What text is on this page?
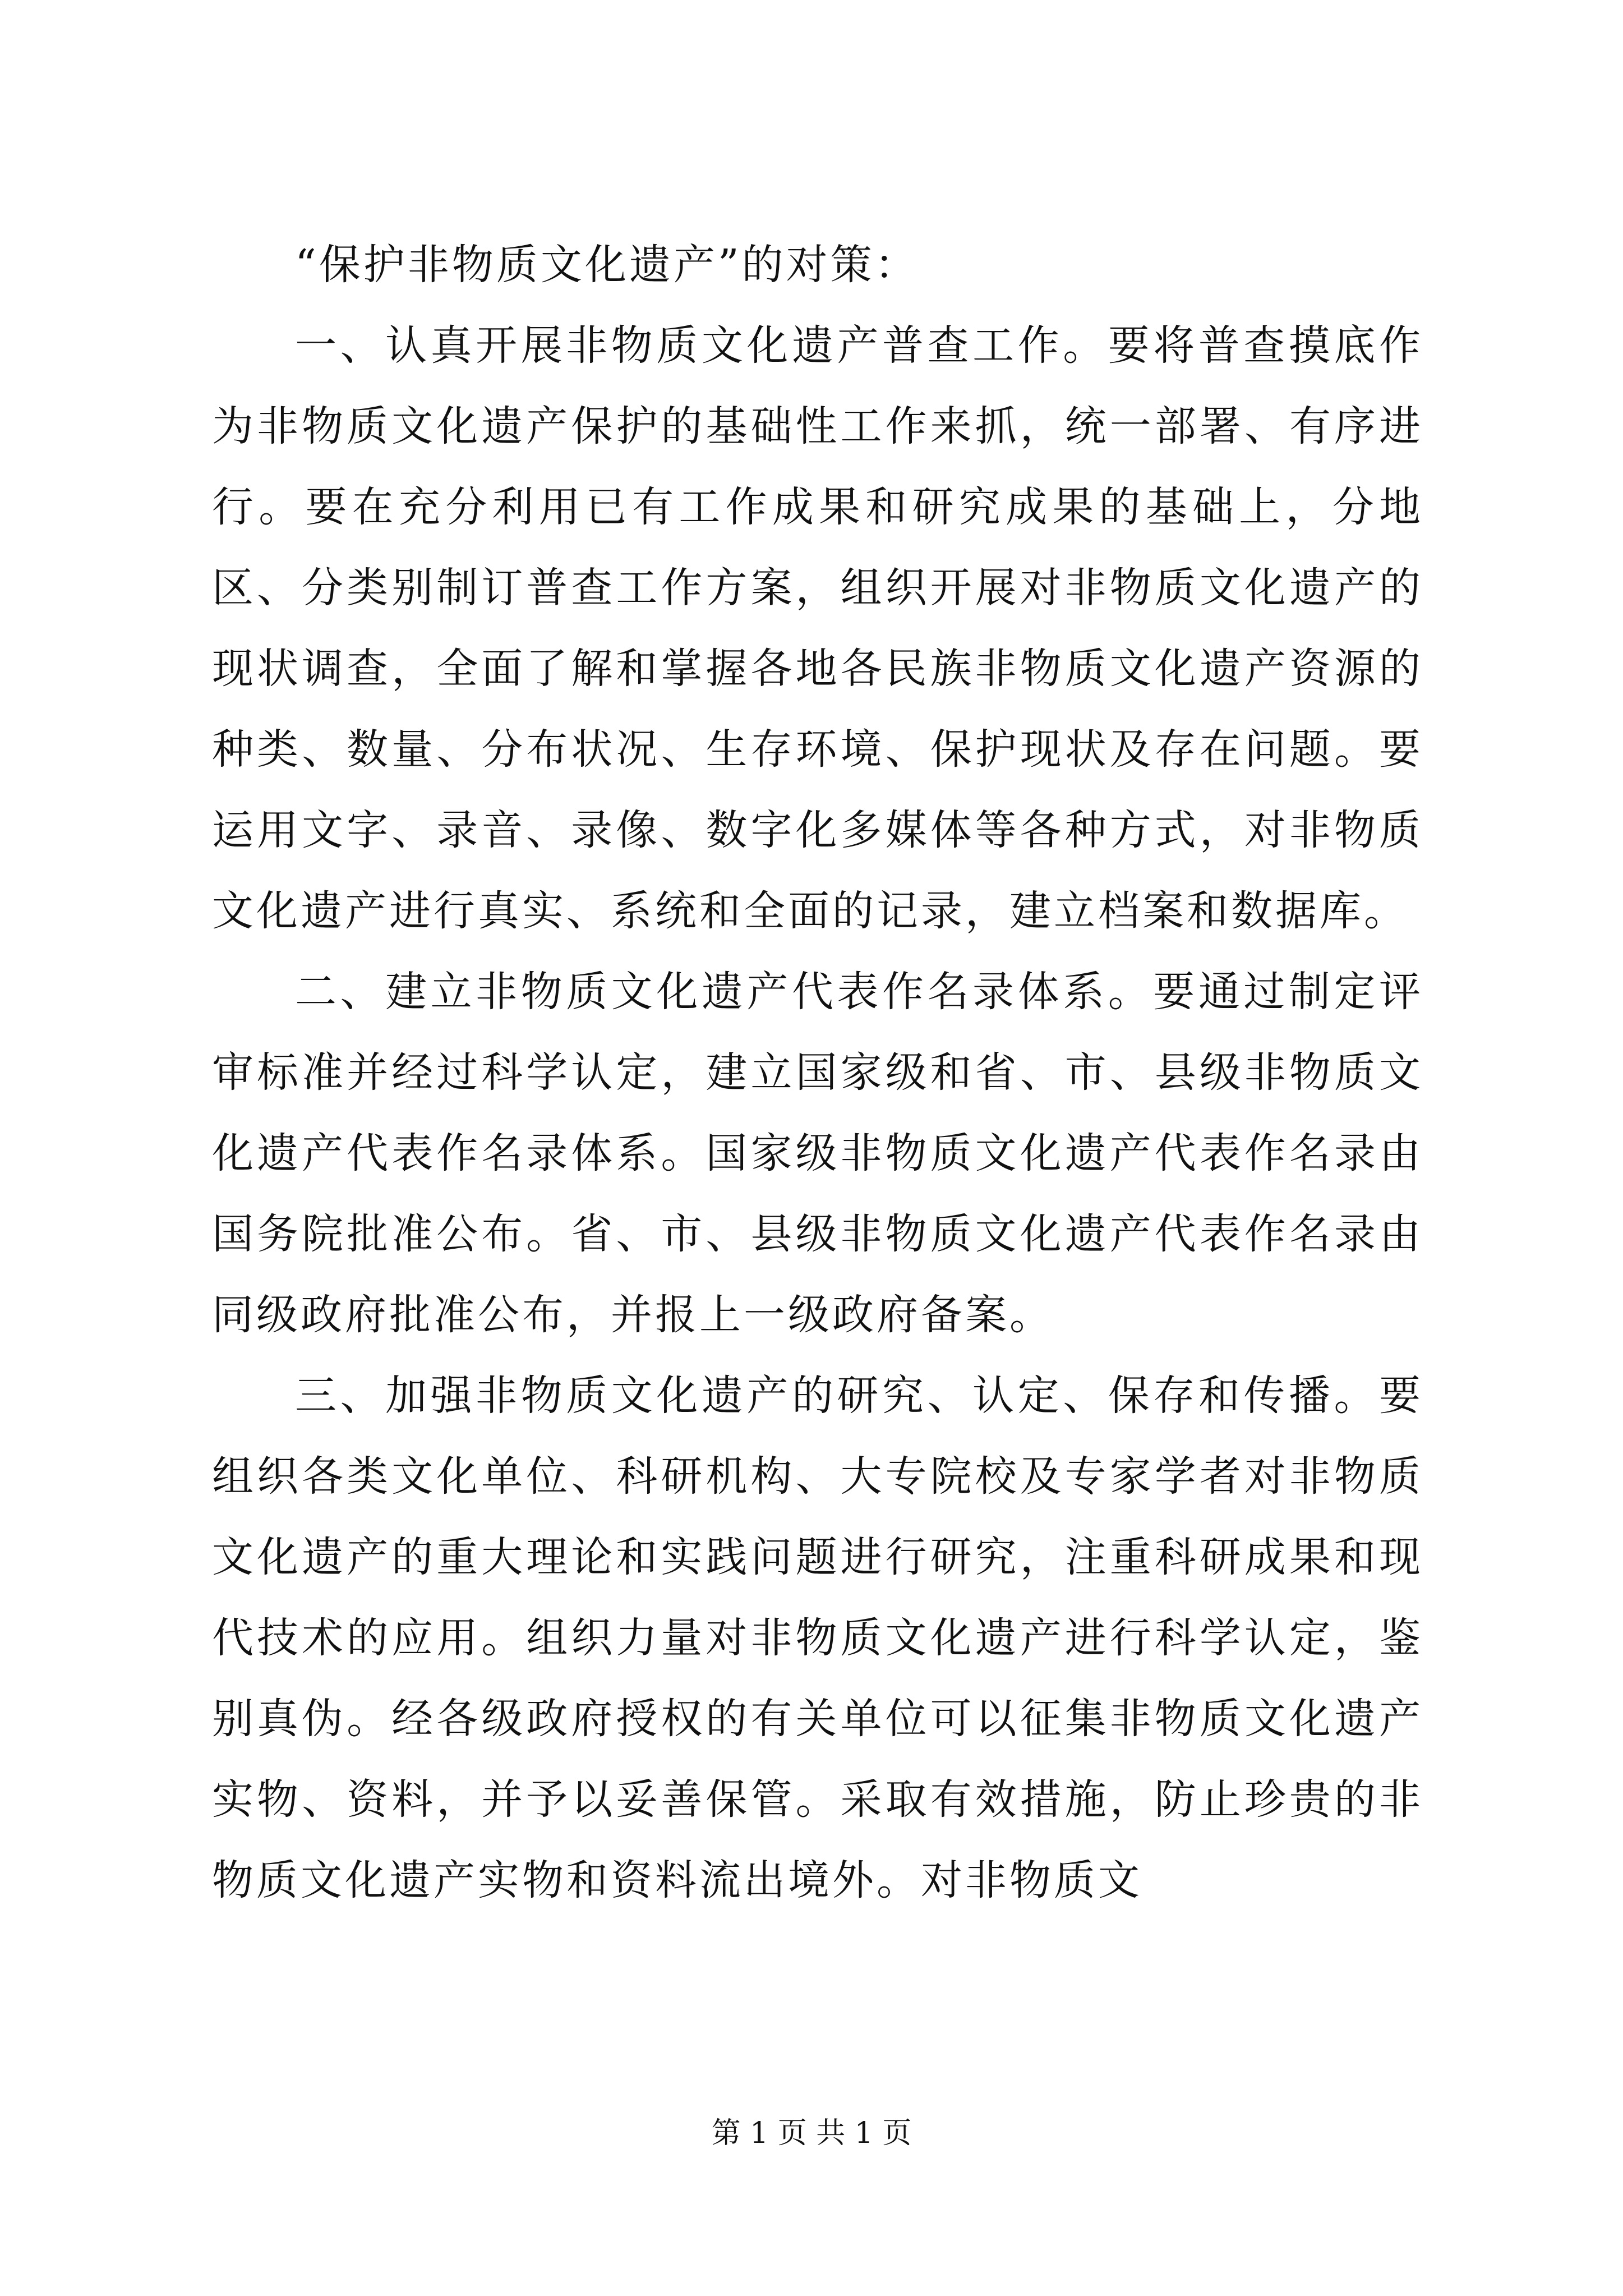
“保护非物质文化遗产”的对策：

一、认真开展非物质文化遗产普查工作。要将普查摸底作为非物质文化遗产保护的基础性工作来抓，统一部署、有序进行。要在充分利用已有工作成果和研究成果的基础上，分地区、分类别制订普查工作方案，组织开展对非物质文化遗产的现状调查，全面了解和掌握各地各民族非物质文化遗产资源的种类、数量、分布状况、生存环境、保护现状及存在问题。要运用文字、录音、录像、数字化多媒体等各种方式，对非物质文化遗产进行真实、系统和全面的记录，建立档案和数据库。

二、建立非物质文化遗产代表作名录体系。要通过制定评审标准并经过科学认定，建立国家级和省、市、县级非物质文化遗产代表作名录体系。国家级非物质文化遗产代表作名录由国务院批准公布。省、市、县级非物质文化遗产代表作名录由同级政府批准公布，并报上一级政府备案。

三、加强非物质文化遗产的研究、认定、保存和传播。要组织各类文化单位、科研机构、大专院校及专家学者对非物质文化遗产的重大理论和实践问题进行研究，注重科研成果和现代技术的应用。组织力量对非物质文化遗产进行科学认定，鉴别真伪。经各级政府授权的有关单位可以征集非物质文化遗产实物、资料，并予以妥善保管。采取有效措施，防止珍贵的非物质文化遗产实物和资料流出境外。对非物质文

第 1 页 共 1 页
